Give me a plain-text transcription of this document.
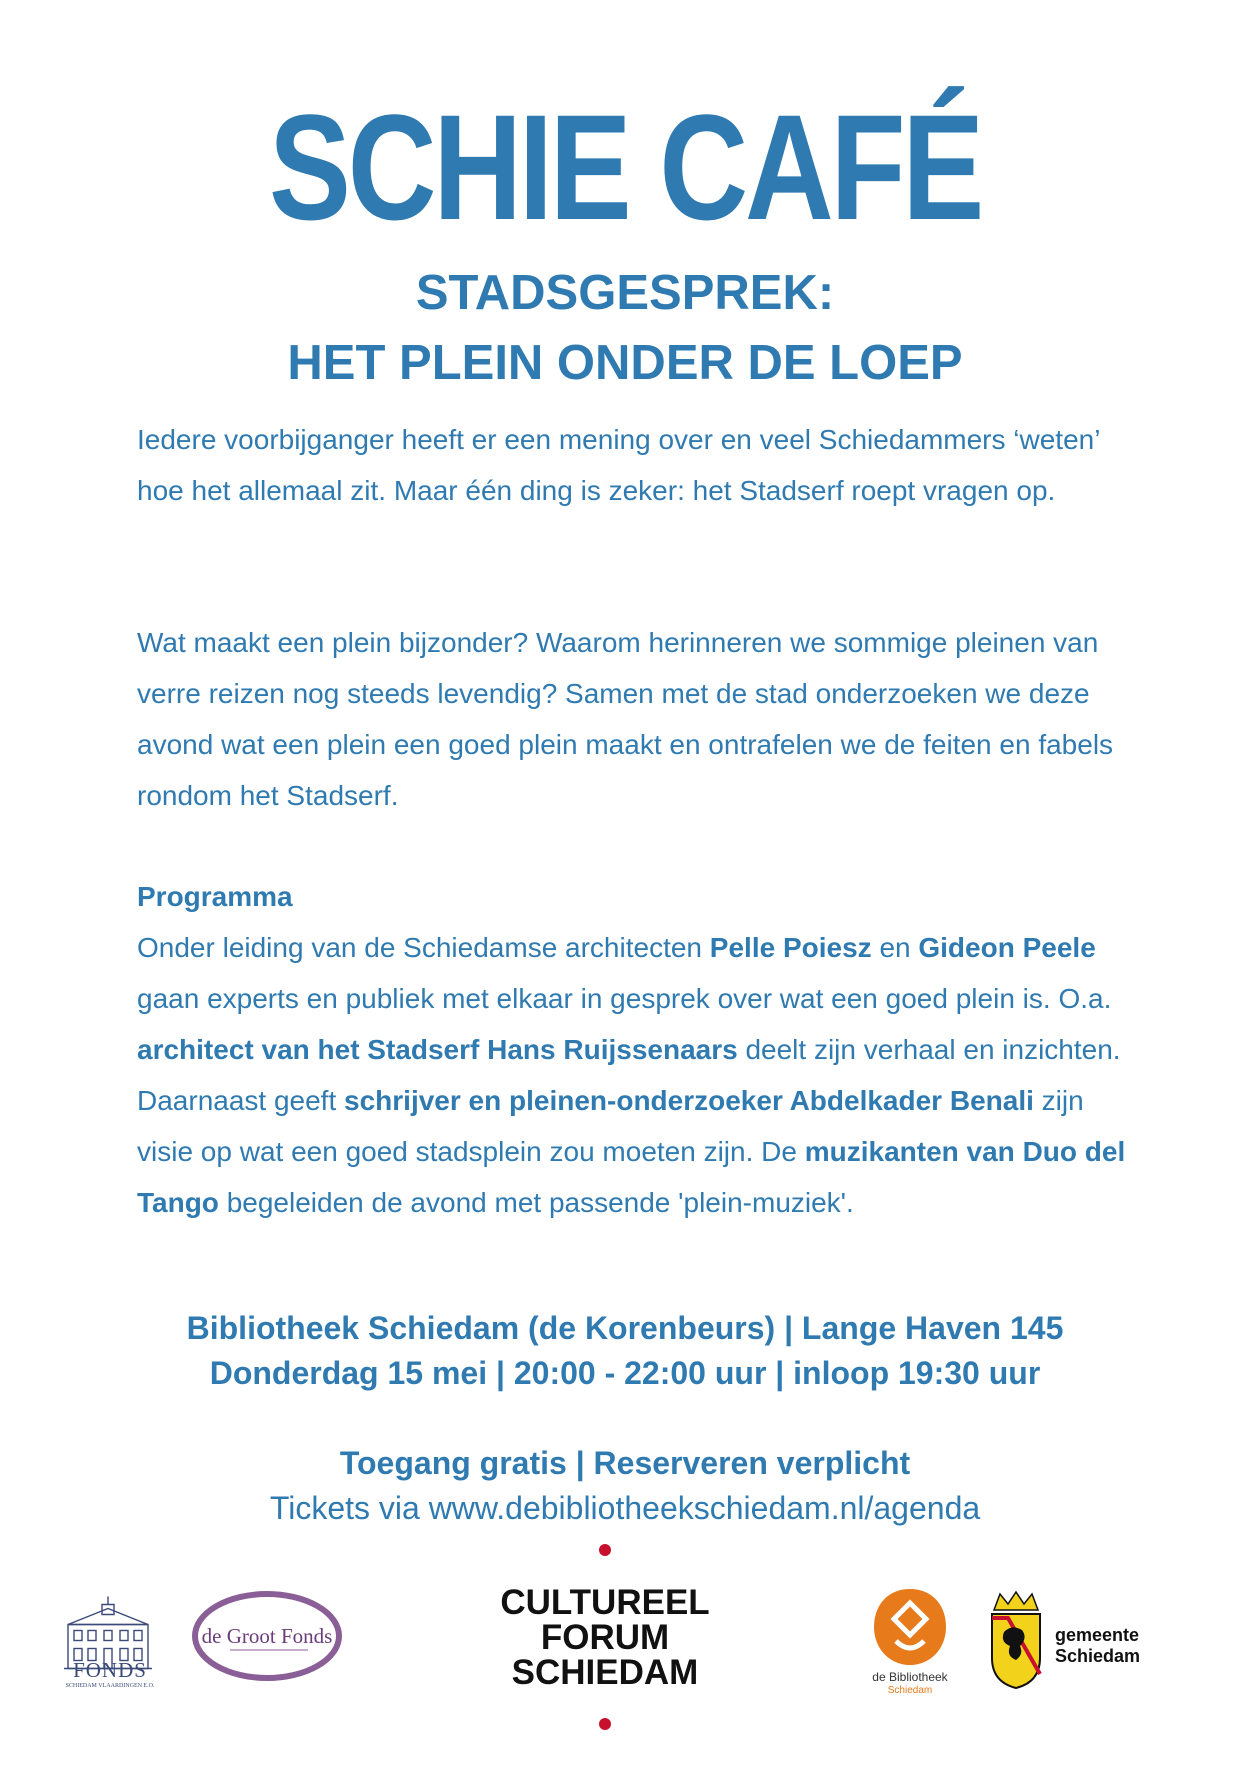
SCHIE CAFÉ
STADSGESPREK:
HET PLEIN ONDER DE LOEP

Iedere voorbijganger heeft er een mening over en veel Schiedammers ‘weten’ hoe het allemaal zit. Maar één ding is zeker: het Stadserf roept vragen op.

Wat maakt een plein bijzonder? Waarom herinneren we sommige pleinen van verre reizen nog steeds levendig? Samen met de stad onderzoeken we deze avond wat een plein een goed plein maakt en ontrafelen we de feiten en fabels rondom het Stadserf.

Programma
Onder leiding van de Schiedamse architecten Pelle Poiesz en Gideon Peele gaan experts en publiek met elkaar in gesprek over wat een goed plein is. O.a. architect van het Stadserf Hans Ruijssenaars deelt zijn verhaal en inzichten. Daarnaast geeft schrijver en pleinen-onderzoeker Abdelkader Benali zijn visie op wat een goed stadsplein zou moeten zijn. De muzikanten van Duo del Tango begeleiden de avond met passende 'plein-muziek'.

Bibliotheek Schiedam (de Korenbeurs) | Lange Haven 145
Donderdag 15 mei | 20:00 - 22:00 uur | inloop 19:30 uur
Toegang gratis | Reserveren verplicht
Tickets via www.debibliotheekschiedam.nl/agenda
FONDS
SCHIEDAM VLAARDINGEN E.O.
de Groot Fonds
CULTUREEL
FORUM
SCHIEDAM	de Bibliotheek
Schiedam
gemeente
Schiedam
